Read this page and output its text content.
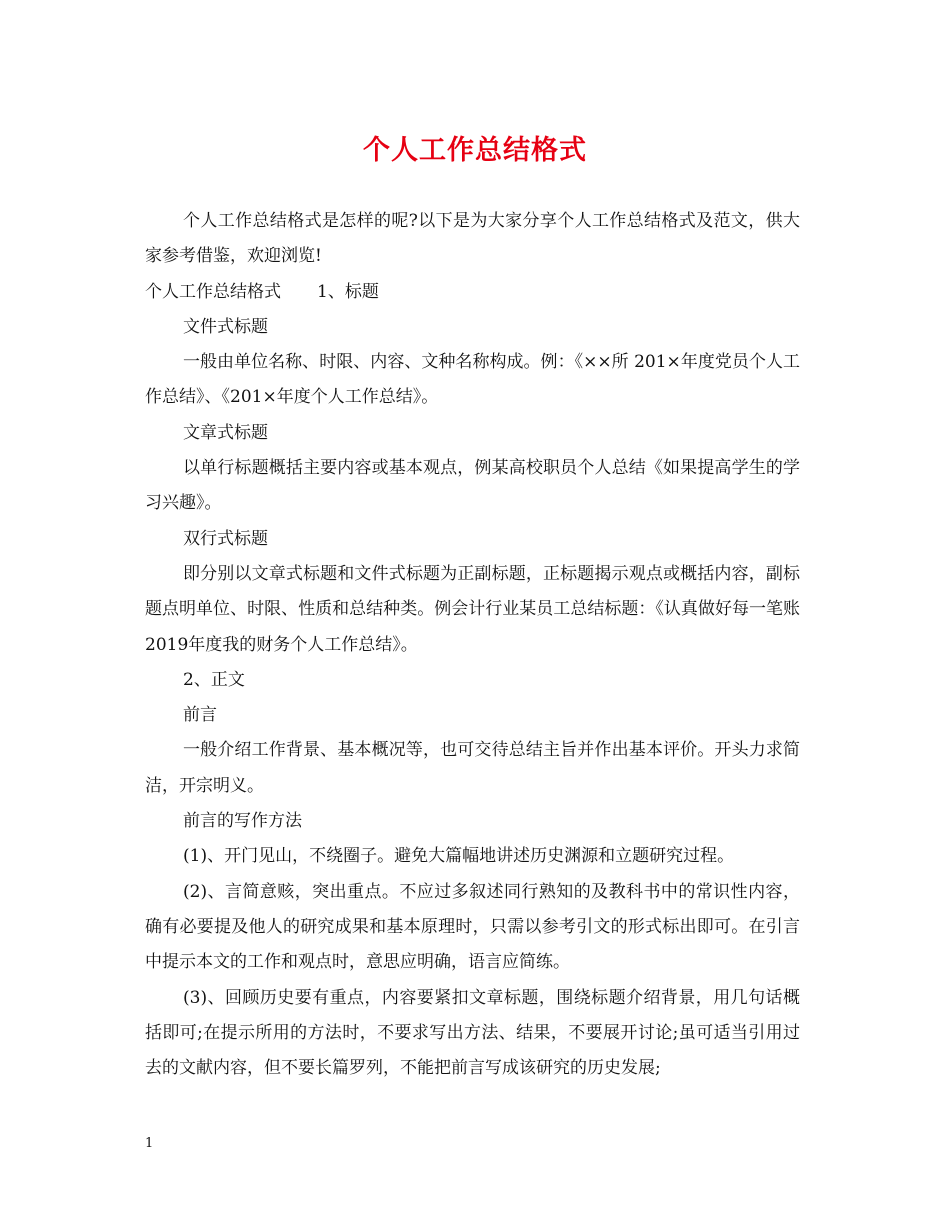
个人工作总结格式

个人工作总结格式是怎样的呢?以下是为大家分享个人工作总结格式及范文，供大家参考借鉴，欢迎浏览!

个人工作总结格式 1、标题

文件式标题

一般由单位名称、时限、内容、文种名称构成。例：《××所 201×年度党员个人工作总结》、《201×年度个人工作总结》。

文章式标题

以单行标题概括主要内容或基本观点，例某高校职员个人总结《如果提高学生的学习兴趣》。

双行式标题

即分别以文章式标题和文件式标题为正副标题，正标题揭示观点或概括内容，副标题点明单位、时限、性质和总结种类。例会计行业某员工总结标题：《认真做好每一笔账 2019年度我的财务个人工作总结》。

2、正文

前言

一般介绍工作背景、基本概况等，也可交待总结主旨并作出基本评价。开头力求简洁，开宗明义。

前言的写作方法

(1)、开门见山，不绕圈子。避免大篇幅地讲述历史渊源和立题研究过程。

(2)、言简意赅，突出重点。不应过多叙述同行熟知的及教科书中的常识性内容，确有必要提及他人的研究成果和基本原理时，只需以参考引文的形式标出即可。在引言中提示本文的工作和观点时，意思应明确，语言应简练。

(3)、回顾历史要有重点，内容要紧扣文章标题，围绕标题介绍背景，用几句话概括即可;在提示所用的方法时，不要求写出方法、结果，不要展开讨论;虽可适当引用过去的文献内容，但不要长篇罗列，不能把前言写成该研究的历史发展;

1
